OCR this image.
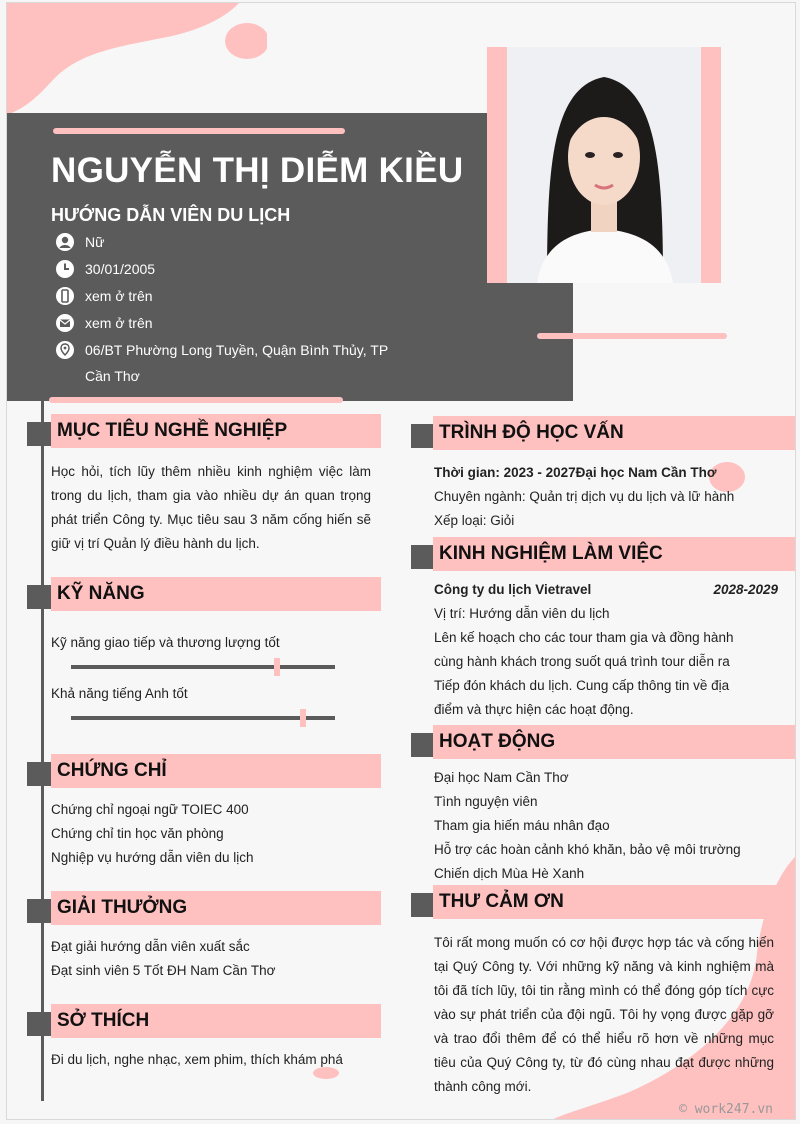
NGUYỄN THỊ DIỄM KIỀU
HƯỚNG DẪN VIÊN DU LỊCH
Nữ
30/01/2005
xem ở trên
xem ở trên
06/BT Phường Long Tuyền, Quận Bình Thủy, TP
Cần Thơ
MỤC TIÊU NGHỀ NGHIỆP
Học hỏi, tích lũy thêm nhiều kinh nghiệm việc làm trong du lịch, tham gia vào nhiều dự án quan trọng phát triển Công ty. Mục tiêu sau 3 năm cống hiến sẽ giữ vị trí Quản lý điều hành du lịch.
KỸ NĂNG
Kỹ năng giao tiếp và thương lượng tốt
Khả năng tiếng Anh tốt
CHỨNG CHỈ
Chứng chỉ ngoại ngữ TOIEC 400
Chứng chỉ tin học văn phòng
Nghiệp vụ hướng dẫn viên du lịch
GIẢI THƯỞNG
Đạt giải hướng dẫn viên xuất sắc
Đạt sinh viên 5 Tốt ĐH Nam Cần Thơ
SỞ THÍCH
Đi du lịch, nghe nhạc, xem phim, thích khám phá
TRÌNH ĐỘ HỌC VẤN
Thời gian: 2023 - 2027Đại học Nam Cần Thơ
Chuyên ngành: Quản trị dịch vụ du lịch và lữ hành
Xếp loại: Giỏi
KINH NGHIỆM LÀM VIỆC
Công ty du lịch Vietravel	2028-2029
Vị trí: Hướng dẫn viên du lịch
Lên kế hoạch cho các tour tham gia và đồng hành
cùng hành khách trong suốt quá trình tour diễn ra
Tiếp đón khách du lịch. Cung cấp thông tin về địa
điểm và thực hiện các hoạt động.
HOẠT ĐỘNG
Đại học Nam Cần Thơ
Tình nguyện viên
Tham gia hiến máu nhân đạo
Hỗ trợ các hoàn cảnh khó khăn, bảo vệ môi trường
Chiến dịch Mùa Hè Xanh
THƯ CẢM ƠN
Tôi rất mong muốn có cơ hội được hợp tác và cống hiến tại Quý Công ty. Với những kỹ năng và kinh nghiệm mà tôi đã tích lũy, tôi tin rằng mình có thể đóng góp tích cực vào sự phát triển của đội ngũ. Tôi hy vọng được gặp gỡ và trao đổi thêm để có thể hiểu rõ hơn về những mục tiêu của Quý Công ty, từ đó cùng nhau đạt được những thành công mới.
© work247.vn
